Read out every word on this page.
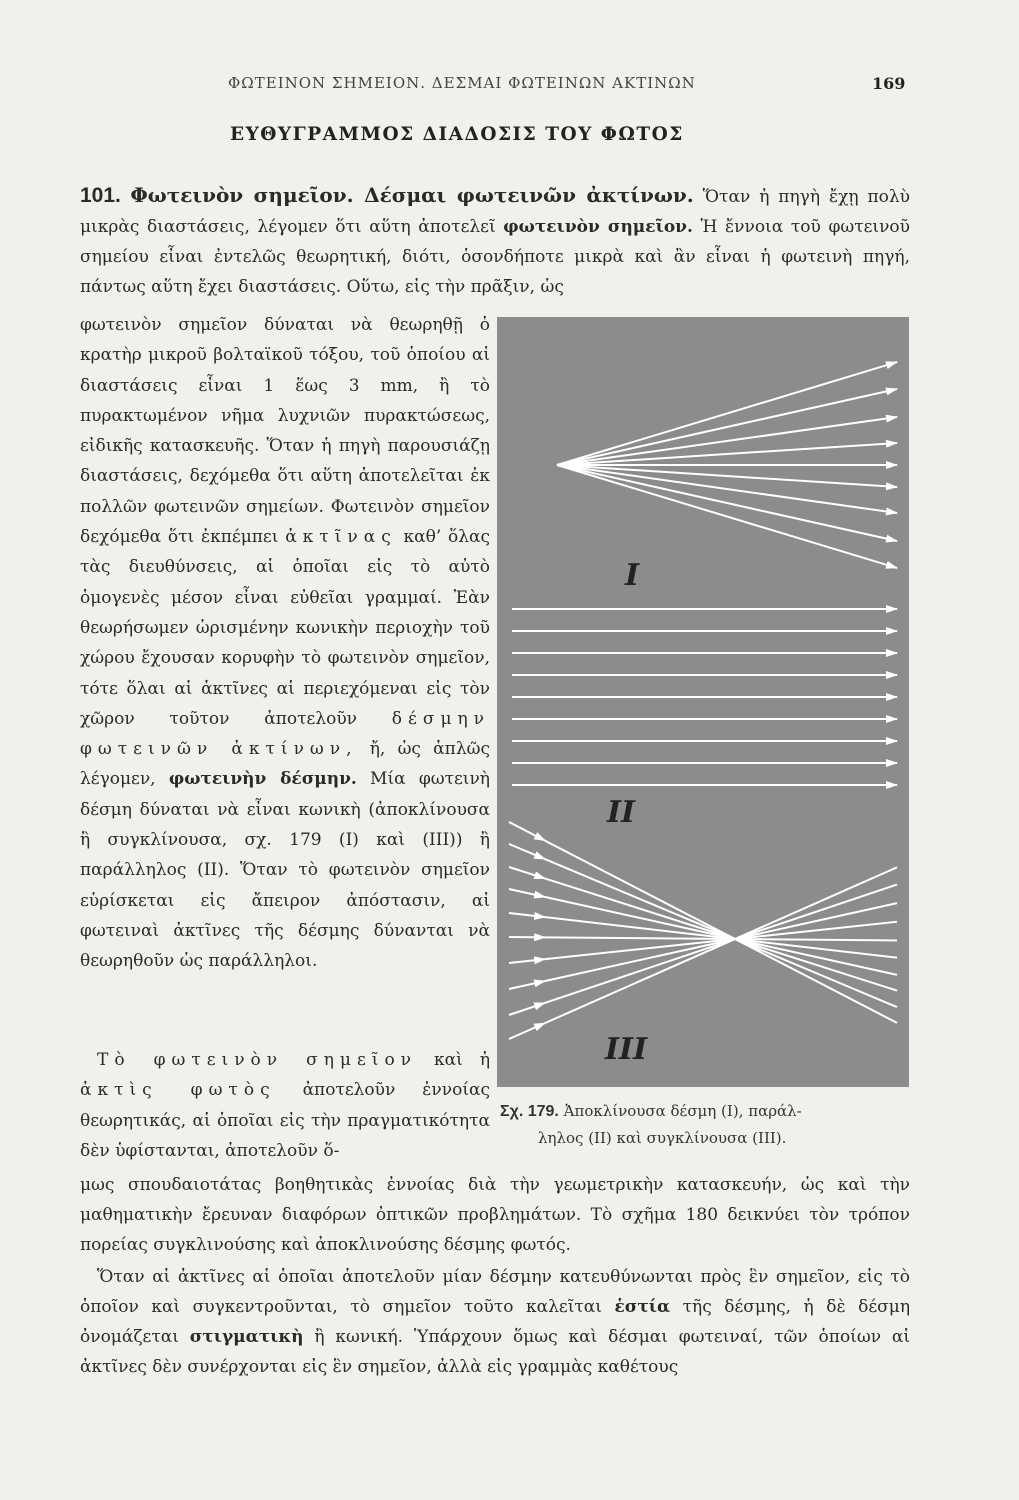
ΦΩΤΕΙΝΟΝ ΣΗΜΕΙΟΝ. ΔΕΣΜΑΙ ΦΩΤΕΙΝΩΝ ΑΚΤΙΝΩΝ	169
ΕΥΘΥΓΡΑΜΜΟΣ ΔΙΑΔΟΣΙΣ ΤΟΥ ΦΩΤΟΣ
101. Φωτεινὸν σημεῖον. Δέσμαι φωτεινῶν ἀκτίνων. Ὅταν ἡ πηγὴ ἔχῃ πολὺ μικρὰς διαστάσεις, λέγομεν ὅτι αὕτη ἀποτελεῖ φωτεινὸν σημεῖον. Ἡ ἔννοια τοῦ φωτεινοῦ σημείου εἶναι ἐντελῶς θεωρητική, διότι, ὁσονδήποτε μικρὰ καὶ ἂν εἶναι ἡ φωτεινὴ πηγή, πάντως αὕτη ἔχει διαστάσεις. Οὕτω, εἰς τὴν πρᾶξιν, ὡς
φωτεινὸν σημεῖον δύναται νὰ θεωρηθῇ ὁ κρατὴρ μικροῦ βολταϊκοῦ τόξου, τοῦ ὁποίου αἱ διαστάσεις εἶναι 1 ἕως 3 mm, ἢ τὸ πυρακτωμένον νῆμα λυχνιῶν πυρακτώσεως, εἰδικῆς κατασκευῆς. Ὅταν ἡ πηγὴ παρουσιάζῃ διαστάσεις, δεχόμεθα ὅτι αὕτη ἀποτελεῖται ἐκ πολλῶν φωτεινῶν σημείων. Φωτεινὸν σημεῖον δεχόμεθα ὅτι ἐκπέμπει ἀκτῖνας καθ’ ὅλας τὰς διευθύνσεις, αἱ ὁποῖαι εἰς τὸ αὐτὸ ὁμογενὲς μέσον εἶναι εὐθεῖαι γραμμαί. Ἐὰν θεωρήσωμεν ὡρισμένην κωνικὴν περιοχὴν τοῦ χώρου ἔχουσαν κορυφὴν τὸ φωτεινὸν σημεῖον, τότε ὅλαι αἱ ἀκτῖνες αἱ περιεχόμεναι εἰς τὸν χῶρον τοῦτον ἀποτελοῦν δέσμην φωτεινῶν ἀκτίνων, ἤ, ὡς ἁπλῶς λέγομεν, φωτεινὴν δέσμην. Μία φωτεινὴ δέσμη δύναται νὰ εἶναι κωνικὴ (ἀποκλίνουσα ἢ συγκλίνουσα, σχ. 179 (I) καὶ (III)) ἢ παράλληλος (II). Ὅταν τὸ φωτεινὸν σημεῖον εὑρίσκεται εἰς ἄπειρον ἀπόστασιν, αἱ φωτειναὶ ἀκτῖνες τῆς δέσμης δύνανται νὰ θεωρηθοῦν ὡς παράλληλοι.
 Τὸ φωτεινὸν σημεῖον καὶ ἡ ἀκτὶς φωτὸς ἀποτελοῦν ἐννοίας θεωρητικάς, αἱ ὁποῖαι εἰς τὴν πραγματικότητα δὲν ὑφίστανται, ἀποτελοῦν ὅ-
μως σπουδαιοτάτας βοηθητικὰς ἐννοίας διὰ τὴν γεωμετρικὴν κατασκευήν, ὡς καὶ τὴν μαθηματικὴν ἔρευναν διαφόρων ὀπτικῶν προβλημάτων. Τὸ σχῆμα 180 δεικνύει τὸν τρόπον πορείας συγκλινούσης καὶ ἀποκλινούσης δέσμης φωτός.
 Ὅταν αἱ ἀκτῖνες αἱ ὁποῖαι ἀποτελοῦν μίαν δέσμην κατευθύνωνται πρὸς ἓν σημεῖον, εἰς τὸ ὁποῖον καὶ συγκεντροῦνται, τὸ σημεῖον τοῦτο καλεῖται ἑστία τῆς δέσμης, ἡ δὲ δέσμη ὀνομάζεται στιγματικὴ ἢ κωνική. Ὑπάρχουν ὅμως καὶ δέσμαι φωτειναί, τῶν ὁποίων αἱ ἀκτῖνες δὲν συνέρχονται εἰς ἓν σημεῖον, ἀλλὰ εἰς γραμμὰς καθέτους
I
II
III
Σχ. 179. Ἀποκλίνουσα δέσμη (I), παράλ-
ληλος (II) καὶ συγκλίνουσα (III).
